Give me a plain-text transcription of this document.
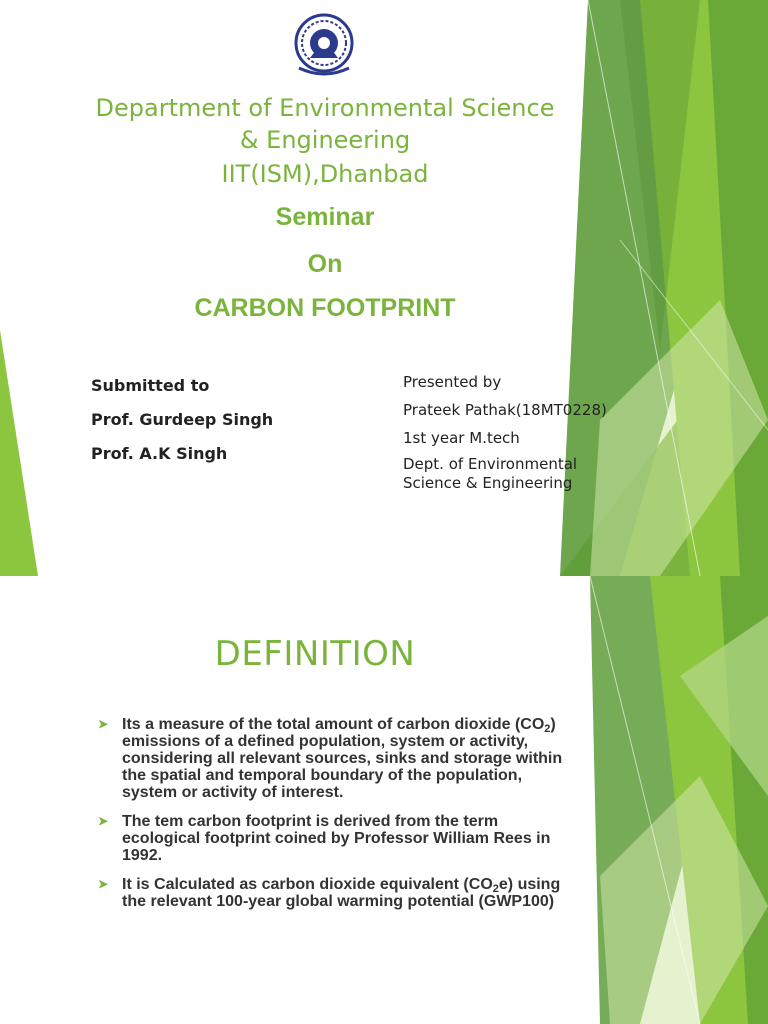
Department of Environmental Science
& Engineering
IIT(ISM),Dhanbad
Seminar
On
CARBON FOOTPRINT
Submitted to
Prof. Gurdeep Singh
Prof. A.K Singh
Presented by
Prateek Pathak(18MT0228)
1st year M.tech
Dept. of Environmental
Science & Engineering
DEFINITION
➤ Its a measure of the total amount of carbon dioxide $(CO_2)$ emissions of a defined population, system or activity, considering all relevant sources, sinks and storage within the spatial and temporal boundary of the population, system or activity of interest.
➤ The tem carbon footprint is derived from the term ecological footprint coined by Professor William Rees in 1992.
➤ It is Calculated as carbon dioxide equivalent $(CO_2e)$ using the relevant 100-year global warming potential (GWP100)
